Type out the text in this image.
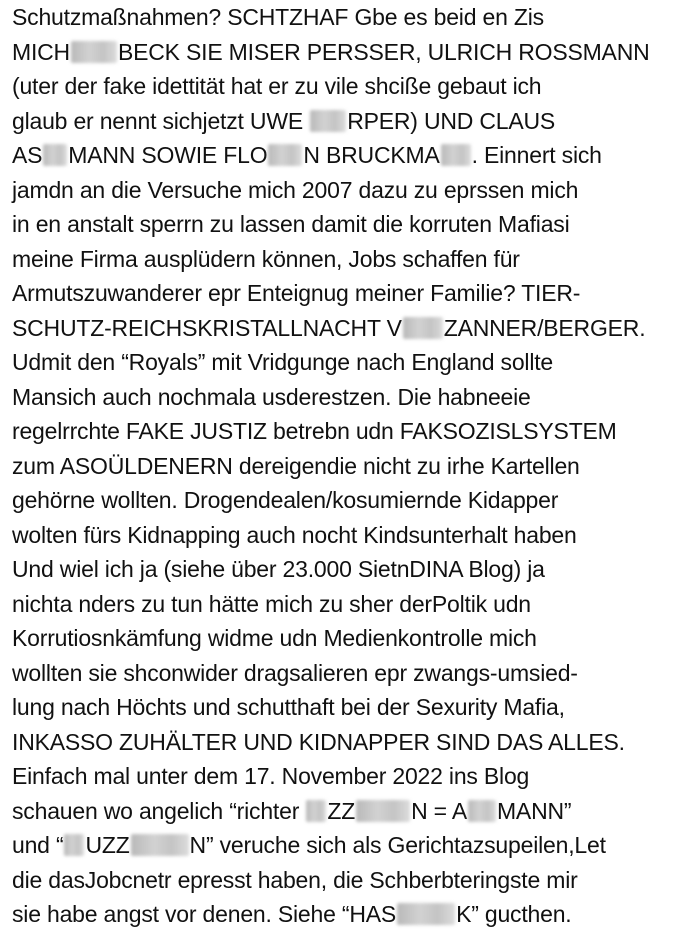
Schutzmaßnahmen? SCHTZHAF Gbe es beid en Zis
MICH BECK SIE MISER PERSSER, ULRICH ROSSMANN
(uter der fake idettität hat er zu vile shciße gebaut ich
glaub er nennt sichjetzt UWE RPER) UND CLAUS
AS MANN SOWIE FLO N BRUCKMA . Einnert sich
jamdn an die Versuche mich 2007 dazu zu eprssen mich
in en anstalt sperrn zu lassen damit die korruten Mafiasi
meine Firma ausplüdern können, Jobs schaffen für
Armutszuwanderer epr Enteignug meiner Familie? TIER-
SCHUTZ-REICHSKRISTALLNACHT V ZANNER/BERGER.
Udmit den “Royals” mit Vridgunge nach England sollte
Mansich auch nochmala usderestzen. Die habneeie
regelrrchte FAKE JUSTIZ betrebn udn FAKSOZISLSYSTEM
zum ASOÜLDENERN dereigendie nicht zu irhe Kartellen
gehörne wollten. Drogendealen/kosumiernde Kidapper
wolten fürs Kidnapping auch nocht Kindsunterhalt haben
Und wiel ich ja (siehe über 23.000 SietnDINA Blog) ja
nichta nders zu tun hätte mich zu sher derPoltik udn
Korrutiosnkämfung widme udn Medienkontrolle mich
wollten sie shconwider dragsalieren epr zwangs-umsied-
lung nach Höchts und schutthaft bei der Sexurity Mafia,
INKASSO ZUHÄLTER UND KIDNAPPER SIND DAS ALLES.
Einfach mal unter dem 17. November 2022 ins Blog
schauen wo angelich “richter ZZ N = A MANN”
und “ UZZ	N” veruche sich als Gerichtazsupeilen,Let
die dasJobcnetr epresst haben, die Schberbteringste mir
sie habe angst vor denen. Siehe “HAS	K” gucthen.
